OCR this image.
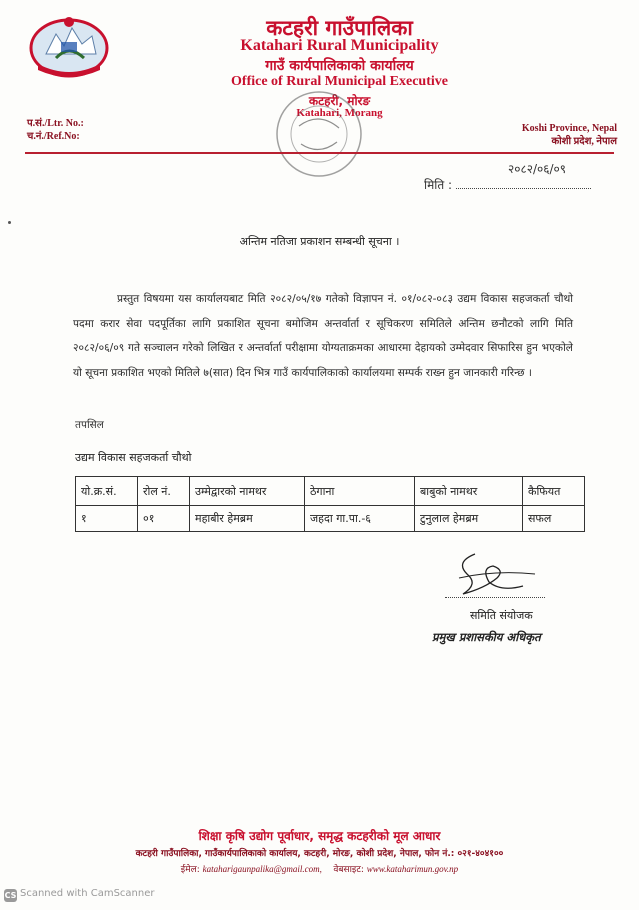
कटहरी गाउँपालिका
Katahari Rural Municipality
गाउँ कार्यपालिकाको कार्यालय
Office of Rural Municipal Executive
कटहरी, मोरङ
Katahari, Morang
प.सं./Ltr. No.:
च.नं./Ref.No:
Koshi Province, Nepal
कोशी प्रदेश, नेपाल
२०८२/०६/०९
मिति :
अन्तिम नतिजा प्रकाशन सम्बन्धी सूचना ।
प्रस्तुत विषयमा यस कार्यालयबाट मिति २०८२/०५/१७ गतेको विज्ञापन नं. ०१/०८२-०८३ उद्यम विकास सहजकर्ता चौथो पदमा करार सेवा पदपूर्तिका लागि प्रकाशित सूचना बमोजिम अन्तर्वार्ता र सूचिकरण समितिले अन्तिम छनौटको लागि मिति २०८२/०६/०९ गते सञ्चालन गरेको लिखित र अन्तर्वार्ता परीक्षामा योग्यताक्रमका आधारमा देहायको उम्मेदवार सिफारिस हुन भएकोले यो सूचना प्रकाशित भएको मितिले ७(सात) दिन भित्र गाउँ कार्यपालिकाको कार्यालयमा सम्पर्क राख्न हुन जानकारी गरिन्छ ।
तपसिल
उद्यम विकास सहजकर्ता चौथो
यो.क्र.सं.	रोल नं.	उम्मेद्वारको नामथर	ठेगाना	बाबुको नामथर	कैफियत
१	०१	महाबीर हेमब्रम	जहदा गा.पा.-६	टुनुलाल हेमब्रम	सफल
समिति संयोजक
प्रमुख प्रशासकीय अधिकृत
शिक्षा कृषि उद्योग पूर्वाधार, समृद्ध कटहरीको मूल आधार
कटहरी गाउँपालिका, गाउँकार्यपालिकाको कार्यालय, कटहरी, मोरङ, कोशी प्रदेश, नेपाल, फोन नं.: ०२१-४०४१००
ईमेल: kataharigaunpalika@gmail.com, वेबसाइट: www.kataharimun.gov.np
CS Scanned with CamScanner
